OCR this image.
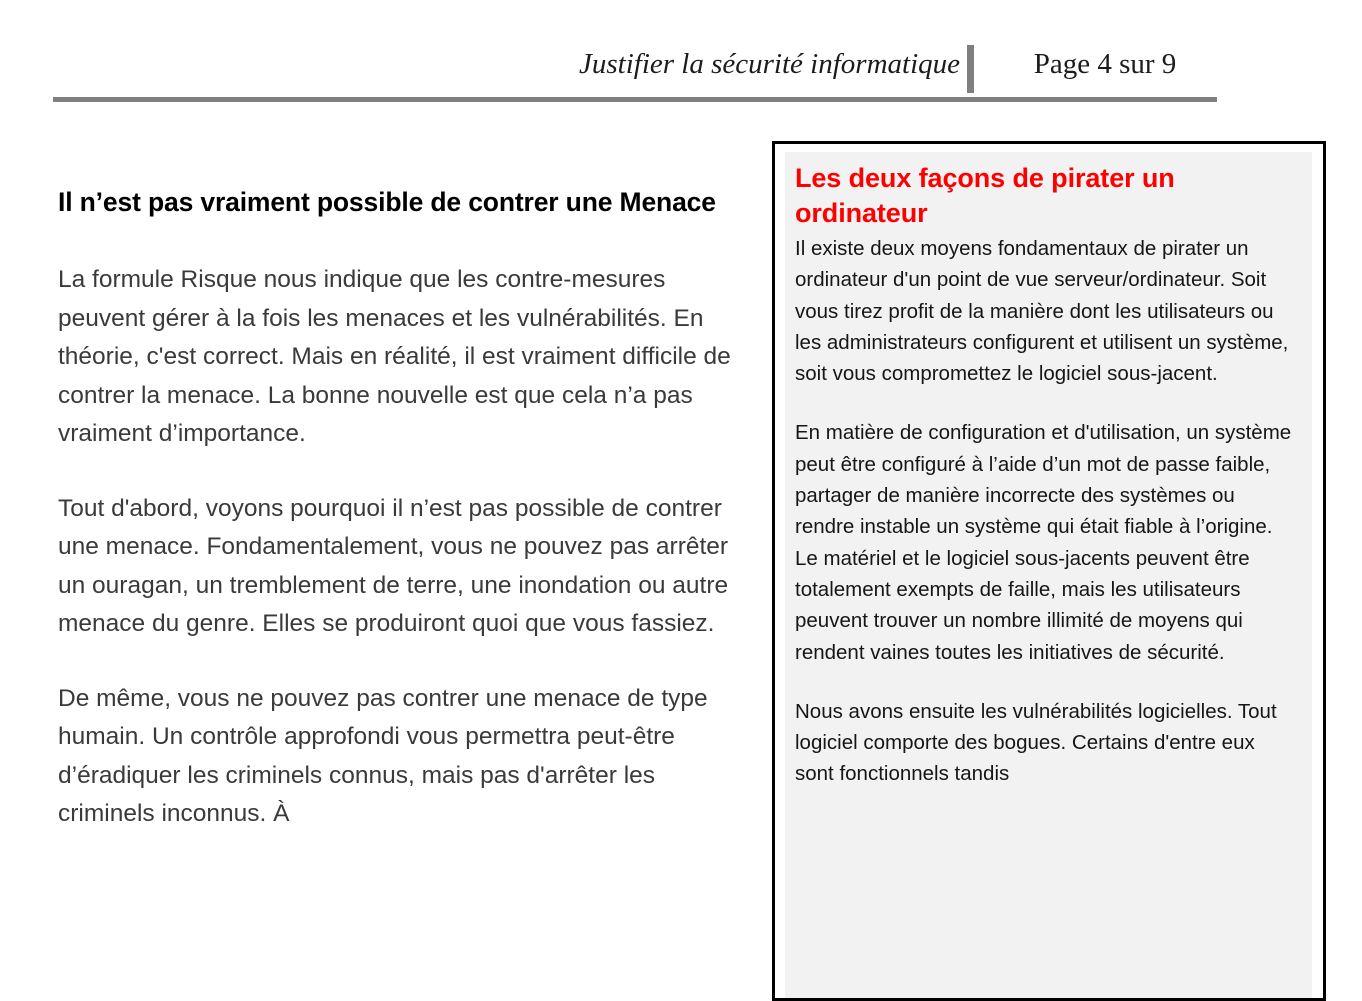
Justifier la sécurité informatique	Page 4 sur 9
Il n’est pas vraiment possible de contrer une Menace

La formule Risque nous indique que les contre-mesures peuvent gérer à la fois les menaces et les vulnérabilités. En théorie, c'est correct. Mais en réalité, il est vraiment difficile de contrer la menace. La bonne nouvelle est que cela n’a pas vraiment d’importance.

Tout d'abord, voyons pourquoi il n’est pas possible de contrer une menace. Fondamentalement, vous ne pouvez pas arrêter un ouragan, un tremblement de terre, une inondation ou autre menace du genre. Elles se produiront quoi que vous fassiez.

De même, vous ne pouvez pas contrer une menace de type humain. Un contrôle approfondi vous permettra peut-être d’éradiquer les criminels connus, mais pas d'arrêter les criminels inconnus. À

Les deux façons de pirater un ordinateur

Il existe deux moyens fondamentaux de pirater un ordinateur d'un point de vue serveur/ordinateur. Soit vous tirez profit de la manière dont les utilisateurs ou les administrateurs configurent et utilisent un système, soit vous compromettez le logiciel sous-jacent.

En matière de configuration et d'utilisation, un système peut être configuré à l’aide d’un mot de passe faible, partager de manière incorrecte des systèmes ou rendre instable un système qui était fiable à l’origine. Le matériel et le logiciel sous-jacents peuvent être totalement exempts de faille, mais les utilisateurs peuvent trouver un nombre illimité de moyens qui rendent vaines toutes les initiatives de sécurité.

Nous avons ensuite les vulnérabilités logicielles. Tout logiciel comporte des bogues. Certains d'entre eux sont fonctionnels tandis
